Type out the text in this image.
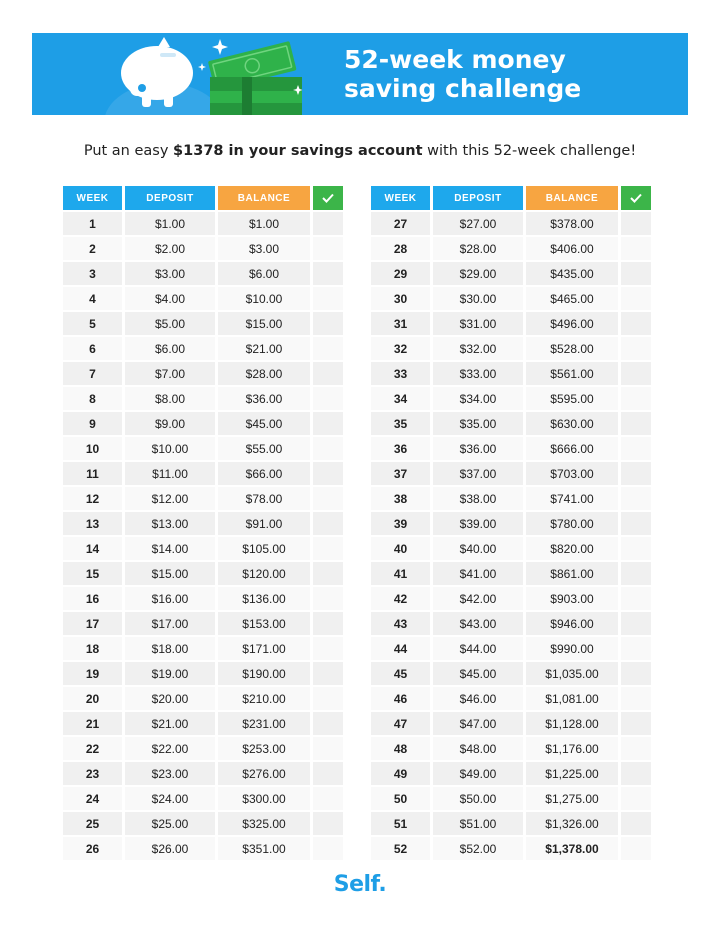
52-week money
saving challenge
Put an easy $1378 in your savings account with this 52-week challenge!
WEEK	DEPOSIT	BALANCE
1	$1.00	$1.00
2	$2.00	$3.00
3	$3.00	$6.00
4	$4.00	$10.00
5	$5.00	$15.00
6	$6.00	$21.00
7	$7.00	$28.00
8	$8.00	$36.00
9	$9.00	$45.00
10	$10.00	$55.00
11	$11.00	$66.00
12	$12.00	$78.00
13	$13.00	$91.00
14	$14.00	$105.00
15	$15.00	$120.00
16	$16.00	$136.00
17	$17.00	$153.00
18	$18.00	$171.00
19	$19.00	$190.00
20	$20.00	$210.00
21	$21.00	$231.00
22	$22.00	$253.00
23	$23.00	$276.00
24	$24.00	$300.00
25	$25.00	$325.00
26	$26.00	$351.00
WEEK	DEPOSIT	BALANCE
27	$27.00	$378.00
28	$28.00	$406.00
29	$29.00	$435.00
30	$30.00	$465.00
31	$31.00	$496.00
32	$32.00	$528.00
33	$33.00	$561.00
34	$34.00	$595.00
35	$35.00	$630.00
36	$36.00	$666.00
37	$37.00	$703.00
38	$38.00	$741.00
39	$39.00	$780.00
40	$40.00	$820.00
41	$41.00	$861.00
42	$42.00	$903.00
43	$43.00	$946.00
44	$44.00	$990.00
45	$45.00	$1,035.00
46	$46.00	$1,081.00
47	$47.00	$1,128.00
48	$48.00	$1,176.00
49	$49.00	$1,225.00
50	$50.00	$1,275.00
51	$51.00	$1,326.00
52	$52.00	$1,378.00
Self.
